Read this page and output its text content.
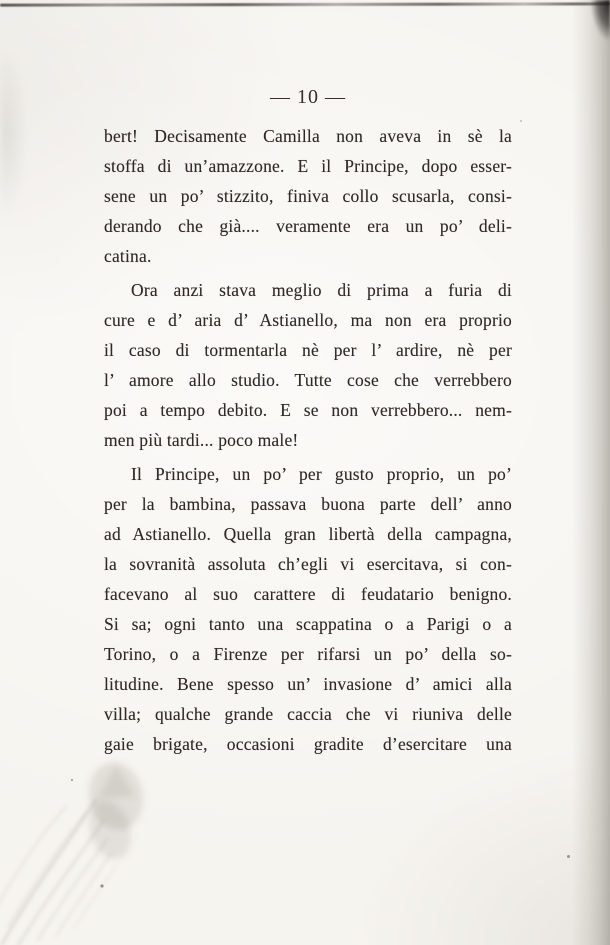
— 10 —
bert! Decisamente Camilla non aveva in sè la
stoffa di un’amazzone. E il Principe, dopo esser-
sene un po’ stizzito, finiva collo scusarla, consi-
derando che già.... veramente era un po’ deli-
catina.
Ora anzi stava meglio di prima a furia di
cure e d’ aria d’ Astianello, ma non era proprio
il caso di tormentarla nè per l’ ardire, nè per
l’ amore allo studio. Tutte cose che verrebbero
poi a tempo debito. E se non verrebbero... nem-
men più tardi... poco male!
Il Principe, un po’ per gusto proprio, un po’
per la bambina, passava buona parte dell’ anno
ad Astianello. Quella gran libertà della campagna,
la sovranità assoluta ch’egli vi esercitava, si con-
facevano al suo carattere di feudatario benigno.
Si sa; ogni tanto una scappatina o a Parigi o a
Torino, o a Firenze per rifarsi un po’ della so-
litudine. Bene spesso un’ invasione d’ amici alla
villa; qualche grande caccia che vi riuniva delle
gaie brigate, occasioni gradite d’esercitare una
